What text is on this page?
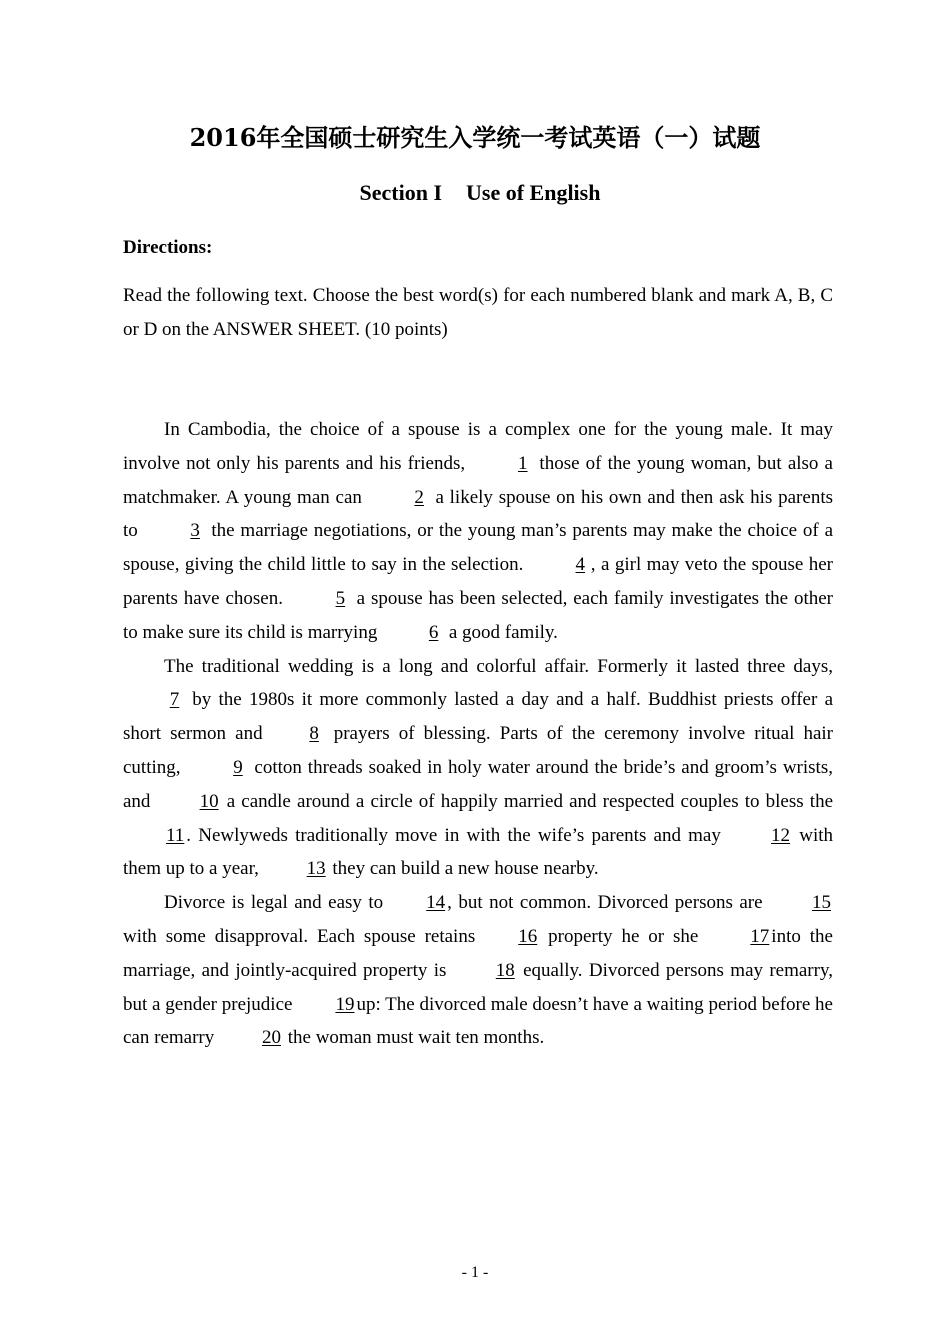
2016年全国硕士研究生入学统一考试英语（一）试题
Section I Use of English
Directions:

Read the following text. Choose the best word(s) for each numbered blank and mark A, B, C or D on the ANSWER SHEET. (10 points)

In Cambodia, the choice of a spouse is a complex one for the young male. It may involve not only his parents and his friends, 1 those of the young woman, but also a matchmaker. A young man can 2 a likely spouse on his own and then ask his parents to 3 the marriage negotiations, or the young man’s parents may make the choice of a spouse, giving the child little to say in the selection. 4 , a girl may veto the spouse her parents have chosen. 5 a spouse has been selected, each family investigates the other to make sure its child is marrying 6 a good family.

The traditional wedding is a long and colorful affair. Formerly it lasted three days, 7 by the 1980s it more commonly lasted a day and a half. Buddhist priests offer a short sermon and 8 prayers of blessing. Parts of the ceremony involve ritual hair cutting, 9 cotton threads soaked in holy water around the bride’s and groom’s wrists, and 10 a candle around a circle of happily married and respected couples to bless the 11 . Newlyweds traditionally move in with the wife’s parents and may 12 with them up to a year, 13 they can build a new house nearby.

Divorce is legal and easy to 14 , but not common. Divorced persons are 15 with some disapproval. Each spouse retains 16 property he or she 17 into the marriage, and jointly-acquired property is 18 equally. Divorced persons may remarry, but a gender prejudice 19 up: The divorced male doesn’t have a waiting period before he can remarry 20 the woman must wait ten months.

- 1 -
